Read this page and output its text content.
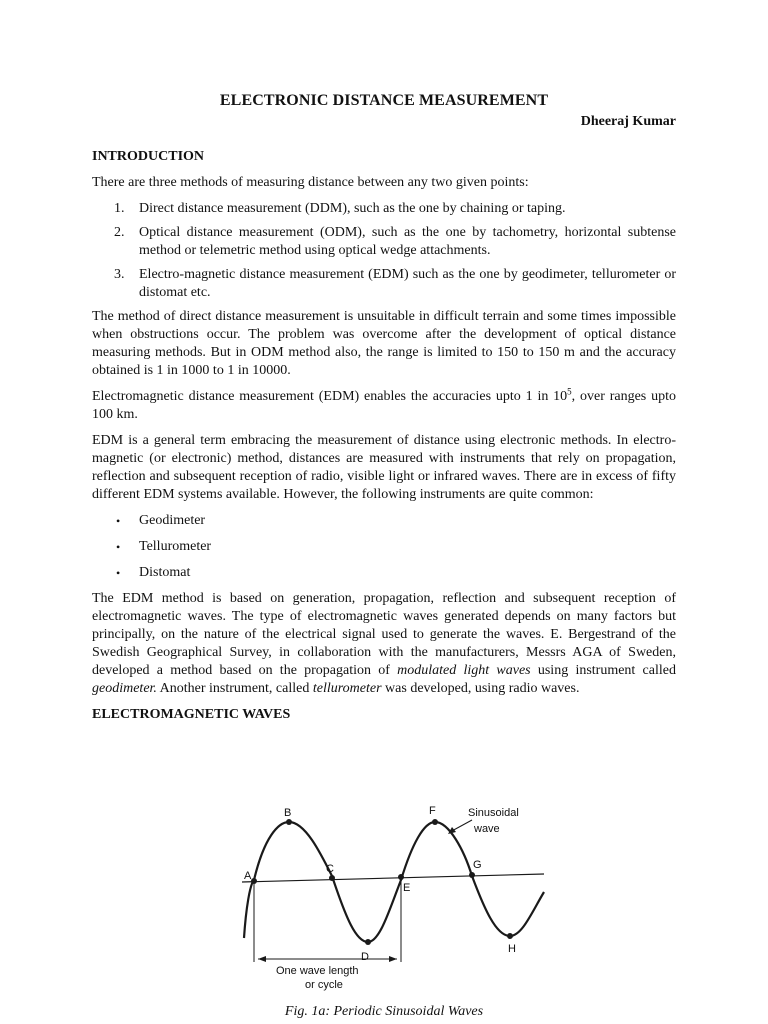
ELECTRONIC DISTANCE MEASUREMENT
Dheeraj Kumar
INTRODUCTION

There are three methods of measuring distance between any two given points:

1. Direct distance measurement (DDM), such as the one by chaining or taping.
2. Optical distance measurement (ODM), such as the one by tachometry, horizontal subtense method or telemetric method using optical wedge attachments.
3. Electro-magnetic distance measurement (EDM) such as the one by geodimeter, tellurometer or distomat etc.

The method of direct distance measurement is unsuitable in difficult terrain and some times impossible when obstructions occur. The problem was overcome after the development of optical distance measuring methods. But in ODM method also, the range is limited to 150 to 150 m and the accuracy obtained is 1 in 1000 to 1 in 10000.

Electromagnetic distance measurement (EDM) enables the accuracies upto 1 in $10^5$, over ranges upto 100 km.

EDM is a general term embracing the measurement of distance using electronic methods. In electro-magnetic (or electronic) method, distances are measured with instruments that rely on propagation, reflection and subsequent reception of radio, visible light or infrared waves. There are in excess of fifty different EDM systems available. However, the following instruments are quite common:

• Geodimeter
• Tellurometer
• Distomat

The EDM method is based on generation, propagation, reflection and subsequent reception of electromagnetic waves. The type of electromagnetic waves generated depends on many factors but principally, on the nature of the electrical signal used to generate the waves. E. Bergestrand of the Swedish Geographical Survey, in collaboration with the manufacturers, Messrs AGA of Sweden, developed a method based on the propagation of modulated light waves using instrument called geodimeter. Another instrument, called tellurometer was developed, using radio waves.

ELECTROMAGNETIC WAVES
A
B
C
D
E
F
G
H
Sinusoidal
wave
One wave length
or cycle
Fig. 1a: Periodic Sinusoidal Waves
